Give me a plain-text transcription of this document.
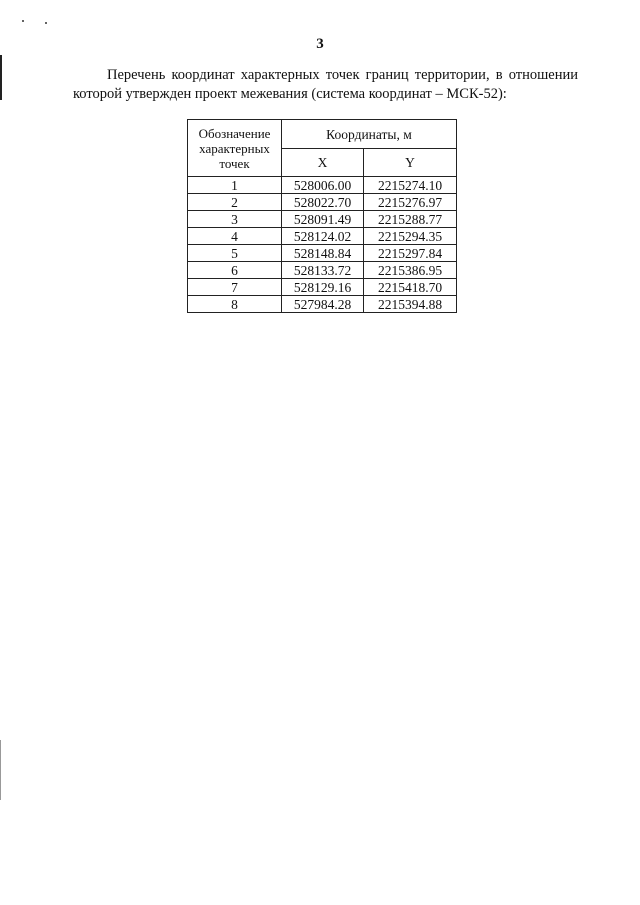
3

Перечень координат характерных точек границ территории, в отношении которой утвержден проект межевания (система координат – МСК-52):

Обозначение характерных точек	Координаты, м	
	X	Y
1	528006.00	2215274.10
2	528022.70	2215276.97
3	528091.49	2215288.77
4	528124.02	2215294.35
5	528148.84	2215297.84
6	528133.72	2215386.95
7	528129.16	2215418.70
8	527984.28	2215394.88
